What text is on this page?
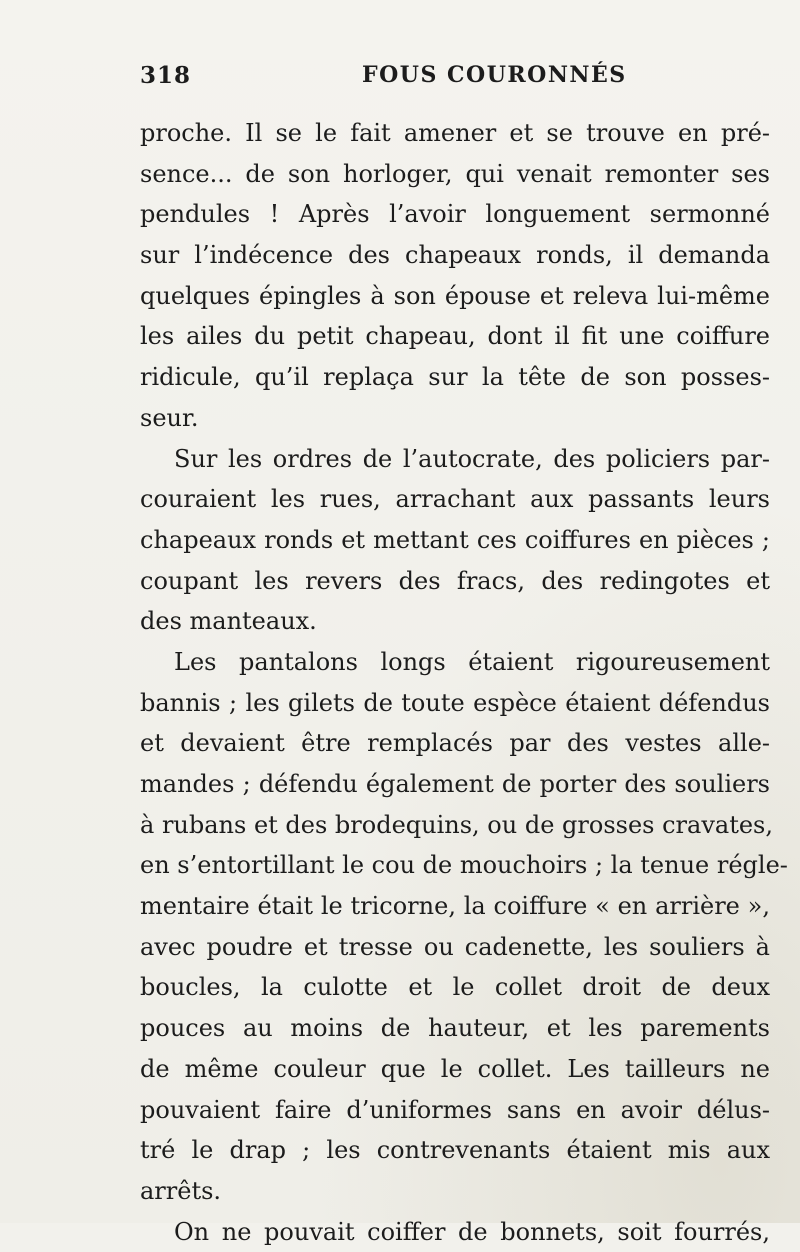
318	FOUS COURONNÉS
proche. Il se le fait amener et se trouve en pré-
sence... de son horloger, qui venait remonter ses
pendules ! Après l’avoir longuement sermonné
sur l’indécence des chapeaux ronds, il demanda
quelques épingles à son épouse et releva lui-même
les ailes du petit chapeau, dont il fit une coiffure
ridicule, qu’il replaça sur la tête de son posses-
seur.
Sur les ordres de l’autocrate, des policiers par-
couraient les rues, arrachant aux passants leurs
chapeaux ronds et mettant ces coiffures en pièces ;
coupant les revers des fracs, des redingotes et
des manteaux.
Les pantalons longs étaient rigoureusement
bannis ; les gilets de toute espèce étaient défendus
et devaient être remplacés par des vestes alle-
mandes ; défendu également de porter des souliers
à rubans et des brodequins, ou de grosses cravates,
en s’entortillant le cou de mouchoirs ; la tenue régle-
mentaire était le tricorne, la coiffure « en arrière »,
avec poudre et tresse ou cadenette, les souliers à
boucles, la culotte et le collet droit de deux
pouces au moins de hauteur, et les parements
de même couleur que le collet. Les tailleurs ne
pouvaient faire d’uniformes sans en avoir délus-
tré le drap ; les contrevenants étaient mis aux
arrêts.
On ne pouvait coiffer de bonnets, soit fourrés,
